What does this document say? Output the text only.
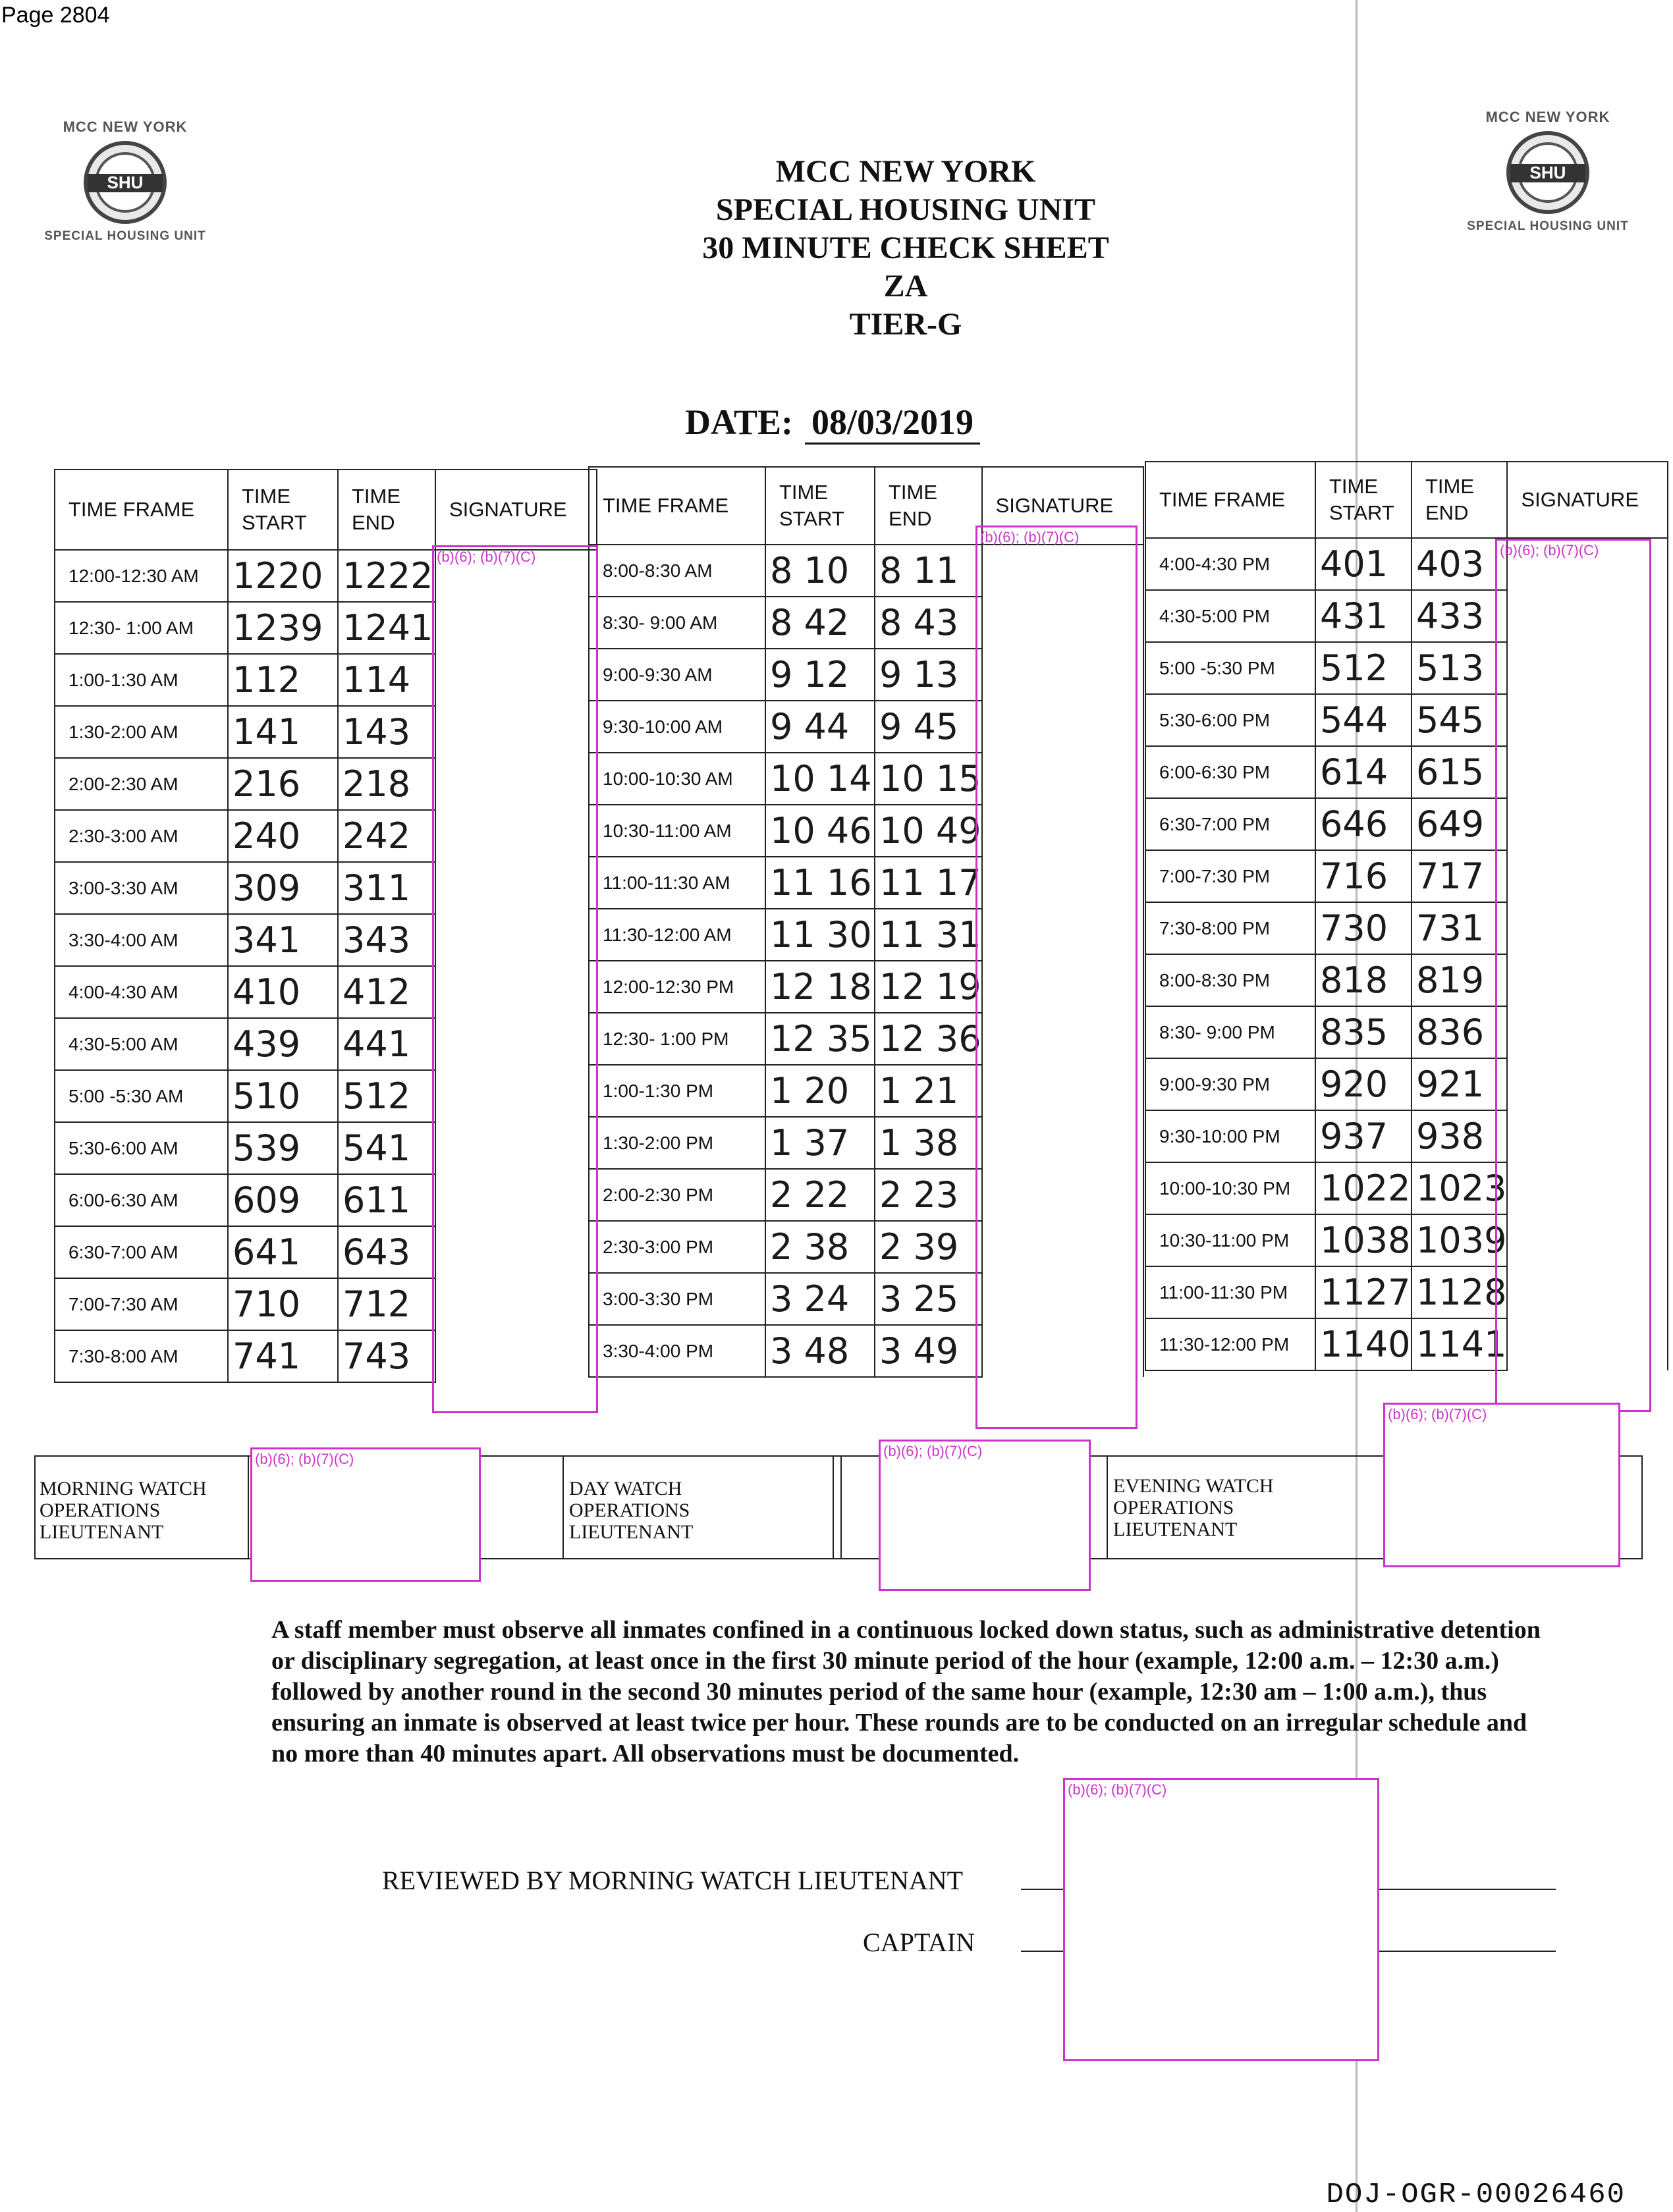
Page 2804
MCC NEW YORK
SHU
SPECIAL HOUSING UNIT
MCC NEW YORK
SHU
SPECIAL HOUSING UNIT
MCC NEW YORK
SPECIAL HOUSING UNIT
30 MINUTE CHECK SHEET
ZA
TIER-G
DATE: 08/03/2019
TIME FRAME	TIME START	TIME END	SIGNATURE
12:00-12:30 AM	1220	1222	
12:30- 1:00 AM	1239	1241	
1:00-1:30 AM	112	114	
1:30-2:00 AM	141	143	
2:00-2:30 AM	216	218	
2:30-3:00 AM	240	242	
3:00-3:30 AM	309	311	
3:30-4:00 AM	341	343	
4:00-4:30 AM	410	412	
4:30-5:00 AM	439	441	
5:00 -5:30 AM	510	512	
5:30-6:00 AM	539	541	
6:00-6:30 AM	609	611	
6:30-7:00 AM	641	643	
7:00-7:30 AM	710	712	
7:30-8:00 AM	741	743	
TIME FRAME	TIME START	TIME END	SIGNATURE
8:00-8:30 AM	8 10	8 11	
8:30- 9:00 AM	8 42	8 43	
9:00-9:30 AM	9 12	9 13	
9:30-10:00 AM	9 44	9 45	
10:00-10:30 AM	10 14	10 15	
10:30-11:00 AM	10 46	10 49	
11:00-11:30 AM	11 16	11 17	
11:30-12:00 AM	11 30	11 31	
12:00-12:30 PM	12 18	12 19	
12:30- 1:00 PM	12 35	12 36	
1:00-1:30 PM	1 20	1 21	
1:30-2:00 PM	1 37	1 38	
2:00-2:30 PM	2 22	2 23	
2:30-3:00 PM	2 38	2 39	
3:00-3:30 PM	3 24	3 25	
3:30-4:00 PM	3 48	3 49	
TIME FRAME	TIME START	TIME END	SIGNATURE
4:00-4:30 PM	401	403	
4:30-5:00 PM	431	433	
5:00 -5:30 PM	512	513	
5:30-6:00 PM	544	545	
6:00-6:30 PM	614	615	
6:30-7:00 PM	646	649	
7:00-7:30 PM	716	717	
7:30-8:00 PM	730	731	
8:00-8:30 PM	818	819	
8:30- 9:00 PM	835	836	
9:00-9:30 PM	920	921	
9:30-10:00 PM	937	938	
10:00-10:30 PM	1022	1023	
10:30-11:00 PM	1038	1039	
11:00-11:30 PM	1127	1128	
11:30-12:00 PM	1140	1141	
(b)(6); (b)(7)(C)
(b)(6); (b)(7)(C)
(b)(6); (b)(7)(C)
MORNING WATCH
OPERATIONS
LIEUTENANT
DAY WATCH
OPERATIONS
LIEUTENANT
EVENING WATCH
OPERATIONS
LIEUTENANT
(b)(6); (b)(7)(C)	(b)(6); (b)(7)(C)
(b)(6); (b)(7)(C)
A staff member must observe all inmates confined in a continuous locked down status, such as administrative detention or disciplinary segregation, at least once in the first 30 minute period of the hour (example, 12:00 a.m. – 12:30 a.m.) followed by another round in the second 30 minutes period of the same hour (example, 12:30 am – 1:00 a.m.), thus ensuring an inmate is observed at least twice per hour. These rounds are to be conducted on an irregular schedule and no more than 40 minutes apart. All observations must be documented.
REVIEWED BY MORNING WATCH LIEUTENANT
CAPTAIN
(b)(6); (b)(7)(C)
DOJ-OGR-00026460
